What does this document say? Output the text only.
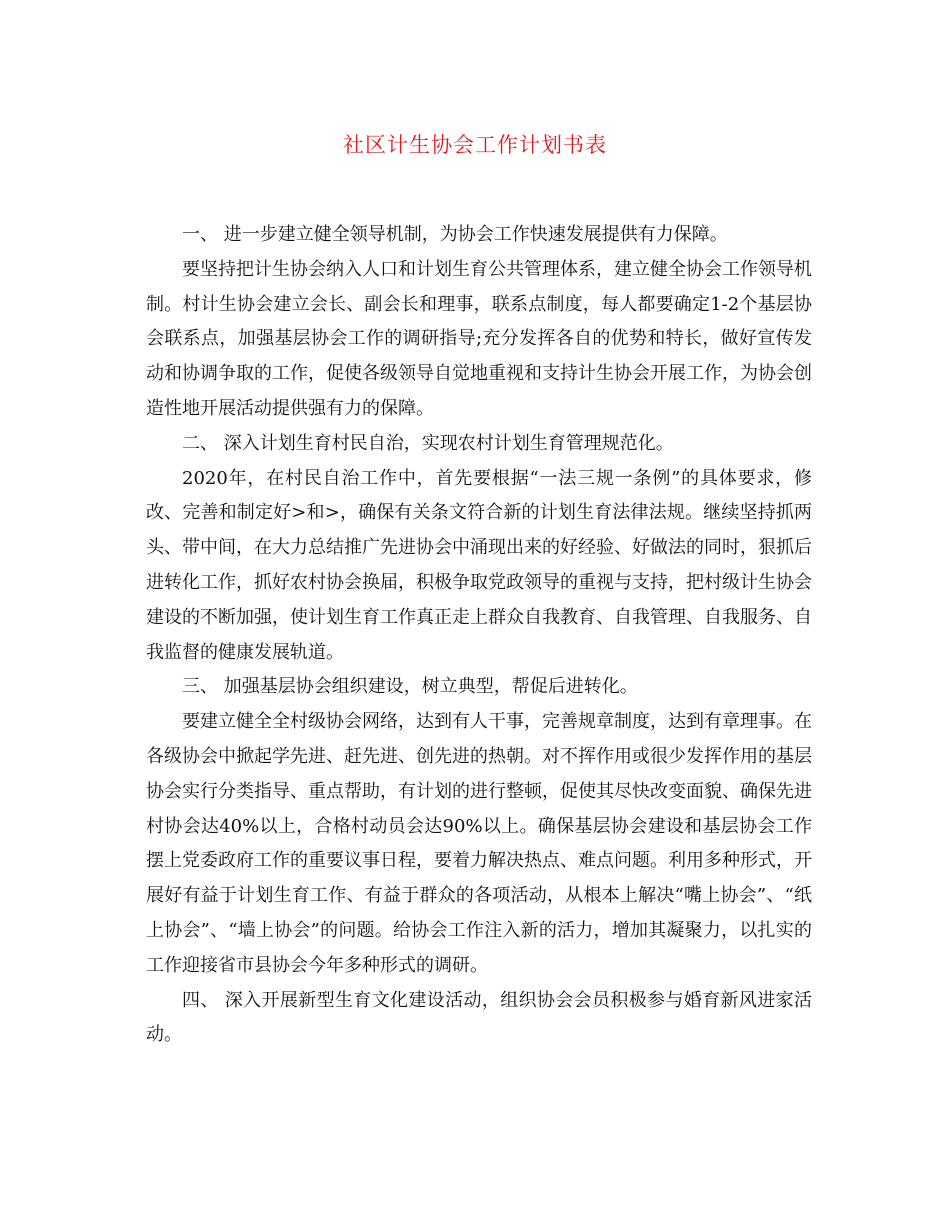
社区计生协会工作计划书表

一、 进一步建立健全领导机制，为协会工作快速发展提供有力保障。

要坚持把计生协会纳入人口和计划生育公共管理体系，建立健全协会工作领导机制。村计生协会建立会长、副会长和理事，联系点制度，每人都要确定1-2个基层协会联系点，加强基层协会工作的调研指导;充分发挥各自的优势和特长，做好宣传发动和协调争取的工作，促使各级领导自觉地重视和支持计生协会开展工作，为协会创造性地开展活动提供强有力的保障。

二、 深入计划生育村民自治，实现农村计划生育管理规范化。

2020年，在村民自治工作中，首先要根据“一法三规一条例”的具体要求，修改、完善和制定好>和>，确保有关条文符合新的计划生育法律法规。继续坚持抓两头、带中间，在大力总结推广先进协会中涌现出来的好经验、好做法的同时，狠抓后进转化工作，抓好农村协会换届，积极争取党政领导的重视与支持，把村级计生协会建设的不断加强，使计划生育工作真正走上群众自我教育、自我管理、自我服务、自我监督的健康发展轨道。

三、 加强基层协会组织建设，树立典型，帮促后进转化。

要建立健全全村级协会网络，达到有人干事，完善规章制度，达到有章理事。在各级协会中掀起学先进、赶先进、创先进的热朝。对不挥作用或很少发挥作用的基层协会实行分类指导、重点帮助，有计划的进行整顿，促使其尽快改变面貌、确保先进村协会达40%以上，合格村动员会达90%以上。确保基层协会建设和基层协会工作摆上党委政府工作的重要议事日程，要着力解决热点、难点问题。利用多种形式，开展好有益于计划生育工作、有益于群众的各项活动，从根本上解决“嘴上协会”、“纸上协会”、“墙上协会”的问题。给协会工作注入新的活力，增加其凝聚力，以扎实的工作迎接省市县协会今年多种形式的调研。

四、 深入开展新型生育文化建设活动，组织协会会员积极参与婚育新风进家活动。
